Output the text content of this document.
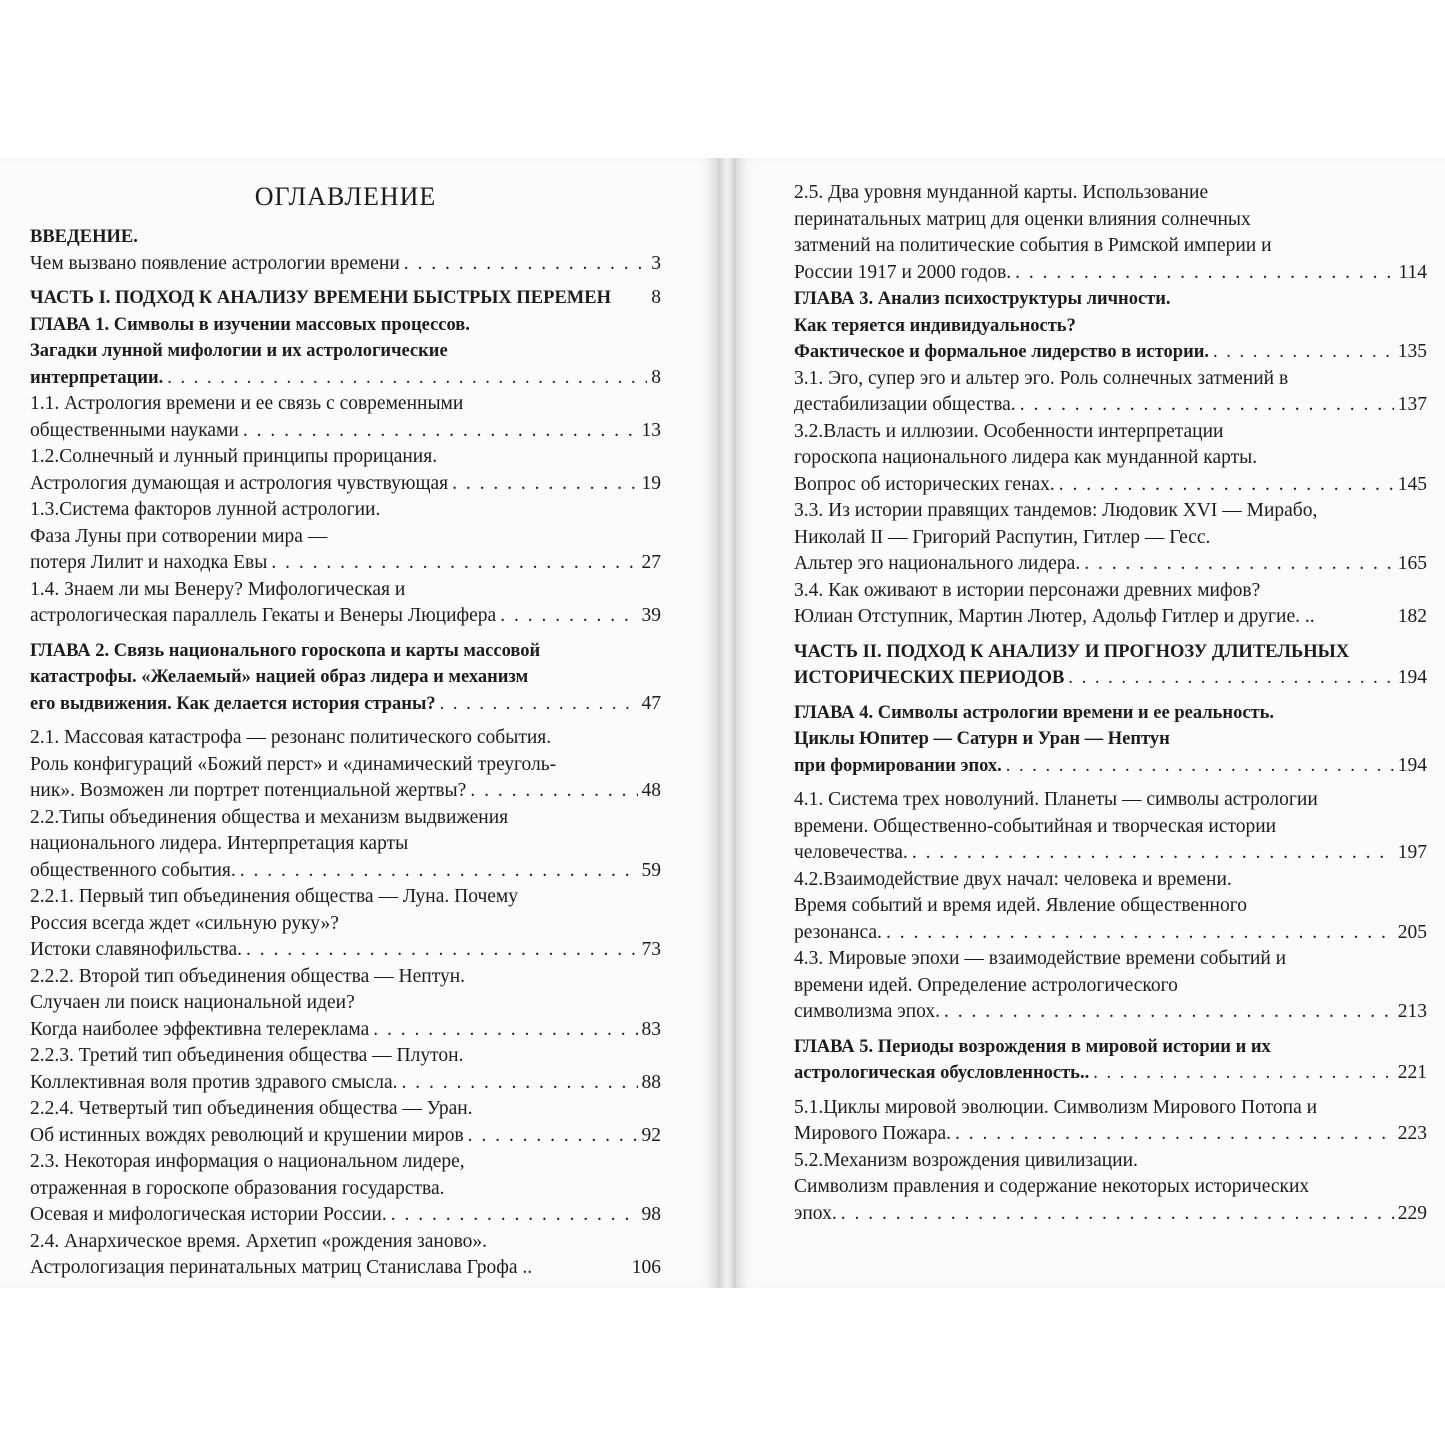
ОГЛАВЛЕНИЕ
ВВЕДЕНИЕ.
Чем вызвано появление астрологии времени . . .	3
ЧАСТЬ I. ПОДХОД К АНАЛИЗУ ВРЕМЕНИ БЫСТРЫХ ПЕРЕМЕН 8
ГЛАВА 1. Символы в изучении массовых процессов.
Загадки лунной мифологии и их астрологические
интерпретации. . . .	8
1.1. Астрология времени и ее связь с современными
общественными науками . . .	13
1.2.Солнечный и лунный принципы прорицания.
Астрология думающая и астрология чувствующая . . .	19
1.3.Система факторов лунной астрологии.
Фаза Луны при сотворении мира —
потеря Лилит и находка Евы . . .	27
1.4. Знаем ли мы Венеру? Мифологическая и
астрологическая параллель Гекаты и Венеры Люцифера . . .	39
ГЛАВА 2. Связь национального гороскопа и карты массовой
катастрофы. «Желаемый» нацией образ лидера и механизм
его выдвижения. Как делается история страны? . . .	47
2.1. Массовая катастрофа — резонанс политического события.
Роль конфигураций «Божий перст» и «динамический треуголь-
ник». Возможен ли портрет потенциальной жертвы? . . .	48
2.2.Типы объединения общества и механизм выдвижения
национального лидера. Интерпретация карты
общественного события. . . .	59
2.2.1. Первый тип объединения общества — Луна. Почему
Россия всегда ждет «сильную руку»?
Истоки славянофильства. . . .	73
2.2.2. Второй тип объединения общества — Нептун.
Случаен ли поиск национальной идеи?
Когда наиболее эффективна телереклама . . .	83
2.2.3. Третий тип объединения общества — Плутон.
Коллективная воля против здравого смысла. . . .	88
2.2.4. Четвертый тип объединения общества — Уран.
Об истинных вождях революций и крушении миров . . .	92
2.3. Некоторая информация о национальном лидере,
отраженная в гороскопе образования государства.
Осевая и мифологическая истории России. . . .	98
2.4. Анархическое время. Архетип «рождения заново».
Астрологизация перинатальных матриц Станислава Грофа ..	106
2.5. Два уровня мунданной карты. Использование
перинатальных матриц для оценки влияния солнечных
затмений на политические события в Римской империи и
России 1917 и 2000 годов. . . .	114
ГЛАВА 3. Анализ психоструктуры личности.
Как теряется индивидуальность?
Фактическое и формальное лидерство в истории. . . .	135
3.1. Эго, супер эго и альтер эго. Роль солнечных затмений в
дестабилизации общества. . . .	137
3.2.Власть и иллюзии. Особенности интерпретации
гороскопа национального лидера как мунданной карты.
Вопрос об исторических генах. . . .	145
3.3. Из истории правящих тандемов: Людовик XVI — Мирабо,
Николай II — Григорий Распутин, Гитлер — Гесс.
Альтер эго национального лидера. . . .	165
3.4. Как оживают в истории персонажи древних мифов?
Юлиан Отступник, Мартин Лютер, Адольф Гитлер и другие. ..	182
ЧАСТЬ II. ПОДХОД К АНАЛИЗУ И ПРОГНОЗУ ДЛИТЕЛЬНЫХ
ИСТОРИЧЕСКИХ ПЕРИОДОВ . . .	194
ГЛАВА 4. Символы астрологии времени и ее реальность.
Циклы Юпитер — Сатурн и Уран — Нептун
при формировании эпох. . . .	194
4.1. Система трех новолуний. Планеты — символы астрологии
времени. Общественно-событийная и творческая истории
человечества. . . .	197
4.2.Взаимодействие двух начал: человека и времени.
Время событий и время идей. Явление общественного
резонанса. . . .	205
4.3. Мировые эпохи — взаимодействие времени событий и
времени идей. Определение астрологического
символизма эпох. . . .	213
ГЛАВА 5. Периоды возрождения в мировой истории и их
астрологическая обусловленность.. . . .	221
5.1.Циклы мировой эволюции. Символизм Мирового Потопа и
Мирового Пожара. . . .	223
5.2.Механизм возрождения цивилизации.
Символизм правления и содержание некоторых исторических
эпох. . . .	229
